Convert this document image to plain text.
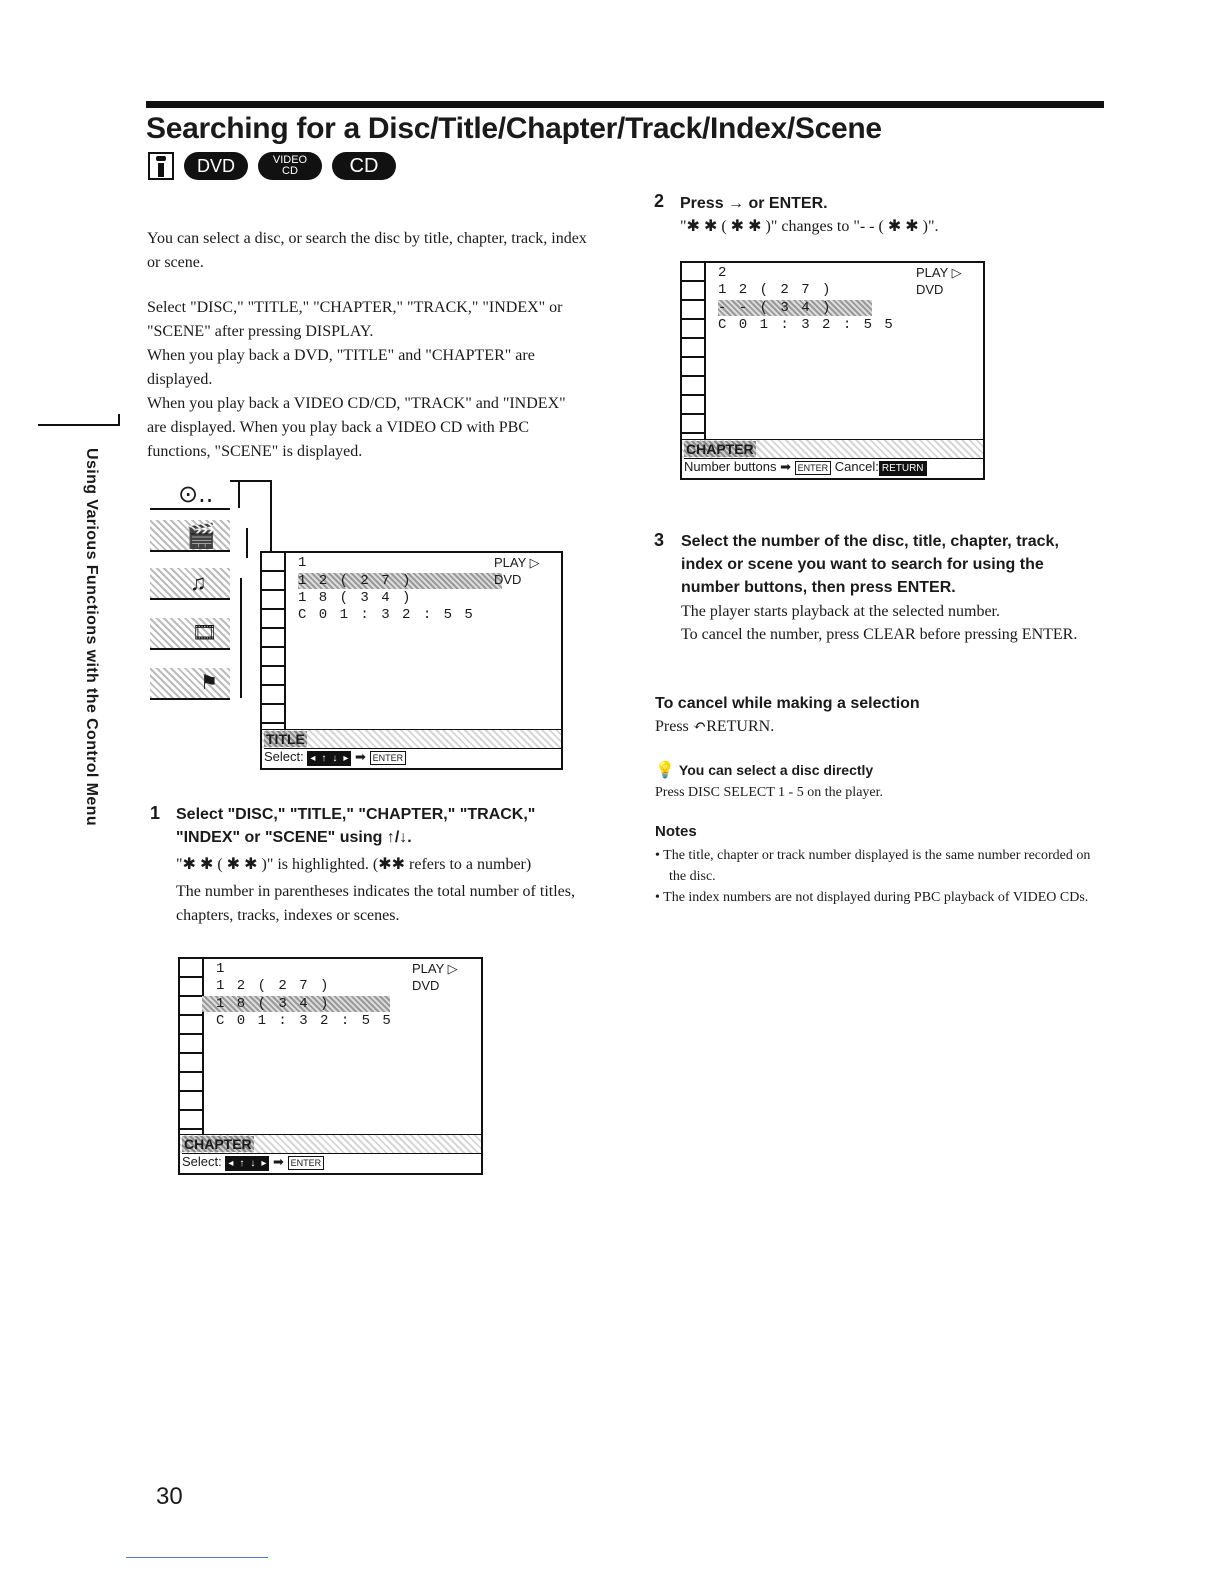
Searching for a Disc/Title/Chapter/Track/Index/Scene
DVD	VIDEO
CD	CD
Using Various Functions with the Control Menu

You can select a disc, or search the disc by title, chapter, track, index or scene.

Select "DISC," "TITLE," "CHAPTER," "TRACK," "INDEX" or "SCENE" after pressing DISPLAY.

When you play back a DVD, "TITLE" and "CHAPTER" are displayed.

When you play back a VIDEO CD/CD, "TRACK" and "INDEX" are displayed. When you play back a VIDEO CD with PBC functions, "SCENE" is displayed.

⊙..
🎬
♫
🎞
⚑
1
1 2 ( 2 7 )
1 8 ( 3 4 )
C 0 1 : 3 2 : 5 5
PLAY ▷
DVD
TITLE
Select: ◂ ↑ ↓ ▸ ➡ ENTER
1 Select "DISC," "TITLE," "CHAPTER," "TRACK," "INDEX" or "SCENE" using ↑/↓.

"✱ ✱ ( ✱ ✱ )" is highlighted. (✱✱ refers to a number)

The number in parentheses indicates the total number of titles, chapters, tracks, indexes or scenes.

1
1 2 ( 2 7 )
1 8 ( 3 4 )
C 0 1 : 3 2 : 5 5
PLAY ▷
DVD
CHAPTER
Select: ◂ ↑ ↓ ▸ ➡ ENTER
2 Press → or ENTER.

"✱ ✱ ( ✱ ✱ )" changes to "- - ( ✱ ✱ )".

2
1 2 ( 2 7 )
- - ( 3 4 )
C 0 1 : 3 2 : 5 5
PLAY ▷
DVD
CHAPTER
Number buttons ➡ ENTER Cancel: RETURN
3 Select the number of the disc, title, chapter, track, index or scene you want to search for using the number buttons, then press ENTER.

The player starts playback at the selected number.

To cancel the number, press CLEAR before pressing ENTER.

To cancel while making a selection

Press ↶RETURN.

💡 You can select a disc directly

Press DISC SELECT 1 - 5 on the player.

Notes

• The title, chapter or track number displayed is the same number recorded on the disc.

• The index numbers are not displayed during PBC playback of VIDEO CDs.

30
